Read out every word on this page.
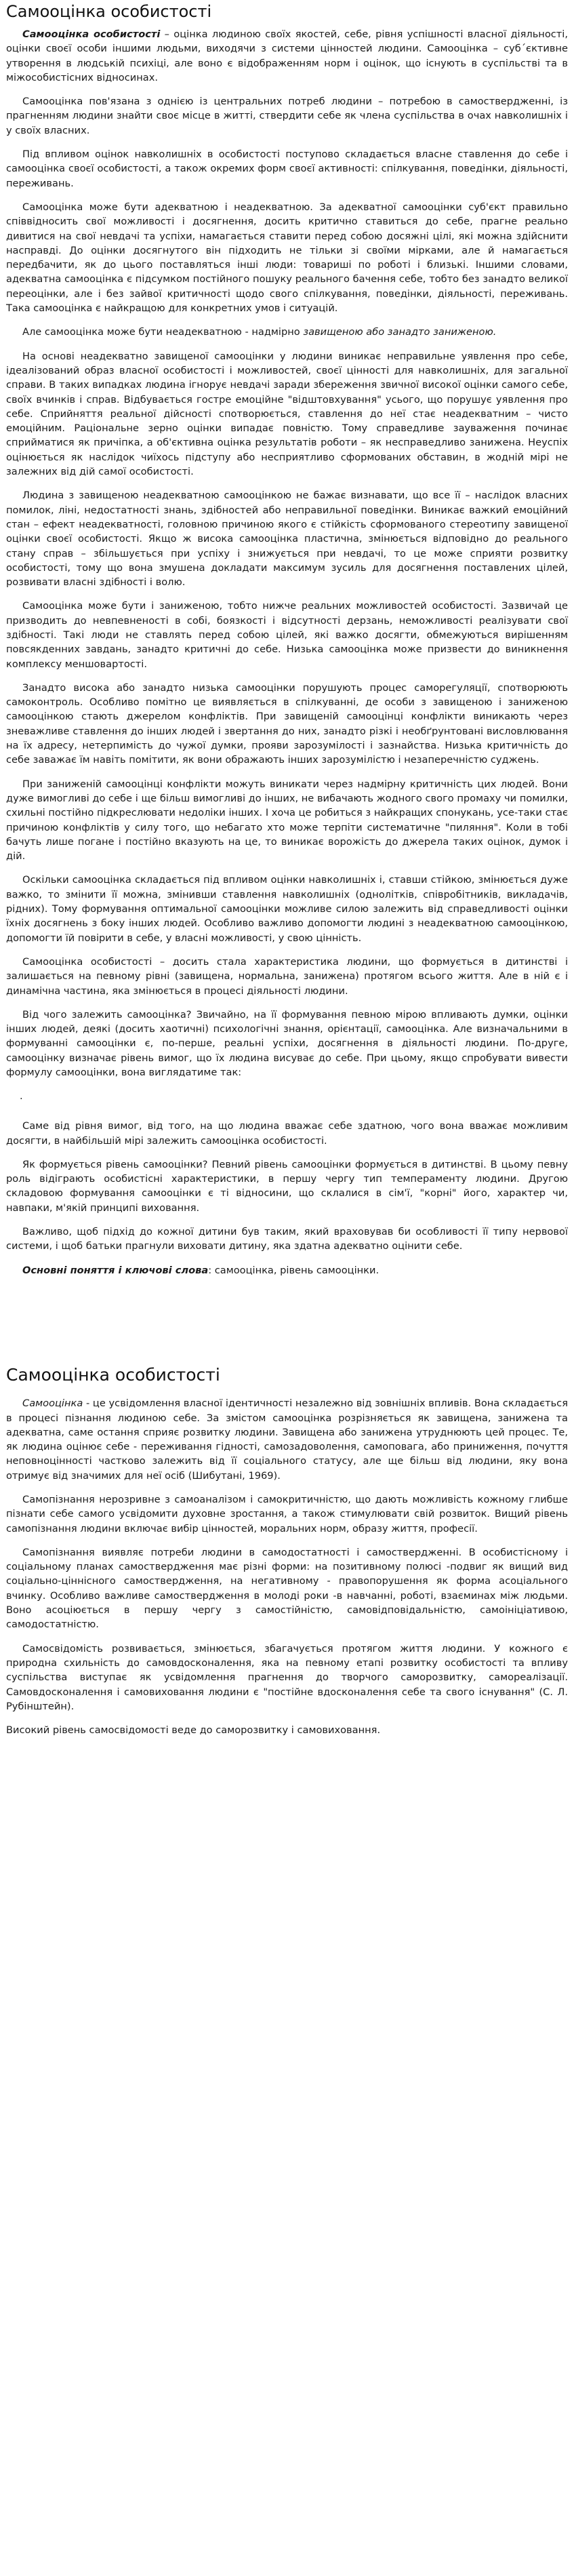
Самооцінка особистості

Самооцінка особистості – оцінка людиною своїх якостей, себе, рівня успішності власної діяльності, оцінки своєї особи іншими людьми, виходячи з системи цінностей людини. Самооцінка – суб´єктивне утворення в людській психіці, але воно є відображенням норм і оцінок, що існують в суспільстві та в міжособистісних відносинах.

Самооцінка пов'язана з однією із центральних потреб людини – потребою в самоствердженні, із прагненням людини знайти своє місце в житті, ствердити себе як члена суспільства в очах навколишніх і у своїх власних.

Під впливом оцінок навколишніх в особистості поступово складається власне ставлення до себе і самооцінка своєї особистості, а також окремих форм своєї активності: спілкування, поведінки, діяльності, переживань.

Самооцінка може бути адекватною і неадекватною. За адекватної самооцінки суб'єкт правильно співвідносить свої можливості і досягнення, досить критично ставиться до себе, прагне реально дивитися на свої невдачі та успіхи, намагається ставити перед собою досяжні цілі, які можна здійснити насправді. До оцінки досягнутого він підходить не тільки зі своїми мірками, але й намагається передбачити, як до цього поставляться інші люди: товариші по роботі і близькі. Іншими словами, адекватна самооцінка є підсумком постійного пошуку реального бачення себе, тобто без занадто великої переоцінки, але і без зайвої критичності щодо свого спілкування, поведінки, діяльності, переживань. Така самооцінка є найкращою для конкретних умов і ситуацій.

Але самооцінка може бути неадекватною - надмірно завищеною або занадто заниженою.

На основі неадекватно завищеної самооцінки у людини виникає неправильне уявлення про себе, ідеалізований образ власної особистості і можливостей, своєї цінності для навколишніх, для загальної справи. В таких випадках людина ігнорує невдачі заради збереження звичної високої оцінки самого себе, своїх вчинків і справ. Відбувається гостре емоційне "відштовхування" усього, що порушує уявлення про себе. Сприйняття реальної дійсності спотворюється, ставлення до неї стає неадекватним – чисто емоційним. Раціональне зерно оцінки випадає повністю. Тому справедливе зауваження починає сприйматися як причіпка, а об'єктивна оцінка результатів роботи – як несправедливо занижена. Неуспіх оцінюється як наслідок чиїхось підступу або несприятливо сформованих обставин, в жодній мірі не залежних від дій самої особистості.

Людина з завищеною неадекватною самооцінкою не бажає визнавати, що все її – наслідок власних помилок, ліні, недостатності знань, здібностей або неправильної поведінки. Виникає важкий емоційний стан – ефект неадекватності, головною причиною якого є стійкість сформованого стереотипу завищеної оцінки своєї особистості. Якщо ж висока самооцінка пластична, змінюється відповідно до реального стану справ – збільшується при успіху і знижується при невдачі, то це може сприяти розвитку особистості, тому що вона змушена докладати максимум зусиль для досягнення поставлених цілей, розвивати власні здібності і волю.

Самооцінка може бути і заниженою, тобто нижче реальних можливостей особистості. Зазвичай це призводить до невпевненості в собі, боязкості і відсутності дерзань, неможливості реалізувати свої здібності. Такі люди не ставлять перед собою цілей, які важко досягти, обмежуються вирішенням повсякденних завдань, занадто критичні до себе. Низька самооцінка може призвести до виникнення комплексу меншовартості.

Занадто висока або занадто низька самооцінки порушують процес саморегуляції, спотворюють самоконтроль. Особливо помітно це виявляється в спілкуванні, де особи з завищеною і заниженою самооцінкою стають джерелом конфліктів. При завищеній самооцінці конфлікти виникають через зневажливе ставлення до інших людей і звертання до них, занадто різкі і необґрунтовані висловлювання на їх адресу, нетерпимість до чужої думки, прояви зарозумілості і зазнайства. Низька критичність до себе заважає їм навіть помітити, як вони ображають інших зарозумілістю і незаперечністю суджень.

При заниженій самооцінці конфлікти можуть виникати через надмірну критичність цих людей. Вони дуже вимогливі до себе і ще більш вимогливі до інших, не вибачають жодного свого промаху чи помилки, схильні постійно підкреслювати недоліки інших. І хоча це робиться з найкращих спонукань, усе-таки стає причиною конфліктів у силу того, що небагато хто може терпіти систематичне "пиляння". Коли в тобі бачуть лише погане і постійно вказують на це, то виникає ворожість до джерела таких оцінок, думок і дій.

Оскільки самооцінка складається під впливом оцінки навколишніх і, ставши стійкою, змінюється дуже важко, то змінити її можна, змінивши ставлення навколишніх (однолітків, співробітників, викладачів, рідних). Тому формування оптимальної самооцінки можливе силою залежить від справедливості оцінки їхніх досягнень з боку інших людей. Особливо важливо допомогти людині з неадекватною самооцінкою, допомогти їй повірити в себе, у власні можливості, у свою цінність.

Самооцінка особистості – досить стала характеристика людини, що формується в дитинстві і залишається на певному рівні (завищена, нормальна, занижена) протягом всього життя. Але в ній є і динамічна частина, яка змінюється в процесі діяльності людини.

Від чого залежить самооцінка? Звичайно, на її формування певною мірою впливають думки, оцінки інших людей, деякі (досить хаотичні) психологічні знання, орієнтації, самооцінка. Але визначальними в формуванні самооцінки є, по-перше, реальні успіхи, досягнення в діяльності людини. По-друге, самооцінку визначає рівень вимог, що їх людина висуває до себе. При цьому, якщо спробувати вивести формулу самооцінки, вона виглядатиме так:

.

Саме від рівня вимог, від того, на що людина вважає себе здатною, чого вона вважає можливим досягти, в найбільшій мірі залежить самооцінка особистості.

Як формується рівень самооцінки? Певний рівень самооцінки формується в дитинстві. В цьому певну роль відіграють особистісні характеристики, в першу чергу тип темпераменту людини. Другою складовою формування самооцінки є ті відносини, що склалися в сім'ї, "корні" його, характер чи, навпаки, м'якій принципі виховання.

Важливо, щоб підхід до кожної дитини був таким, який враховував би особливості її типу нервової системи, і щоб батьки прагнули виховати дитину, яка здатна адекватно оцінити себе.

Основні поняття і ключові слова: самооцінка, рівень самооцінки.

Самооцінка особистості

Самооцінка - це усвідомлення власної ідентичності незалежно від зовнішніх впливів. Вона складається в процесі пізнання людиною себе. За змістом самооцінка розрізняється як завищена, занижена та адекватна, саме остання сприяє розвитку людини. Завищена або занижена утруднюють цей процес. Те, як людина оцінює себе - переживання гідності, самозадоволення, самоповага, або приниження, почуття неповноцінності частково залежить від її соціального статусу, але ще більш від людини, яку вона отримує від значимих для неї осіб (Шибутані, 1969).

Самопізнання нерозривне з самоаналізом і самокритичністю, що дають можливість кожному глибше пізнати себе самого усвідомити духовне зростання, а також стимулювати свій розвиток. Вищий рівень самопізнання людини включає вибір цінностей, моральних норм, образу життя, професії.

Самопізнання виявляє потреби людини в самодостатності і самоствердженні. В особистісному і соціальному планах самоствердження має різні форми: на позитивному полюсі -подвиг як вищий вид соціально-ціннісного самоствердження, на негативному - правопорушення як форма асоціального вчинку. Особливо важливе самоствердження в молоді роки -в навчанні, роботі, взаєминах між людьми. Воно асоціюється в першу чергу з самостійністю, самовідповідальністю, самоініціативою, самодостатністю.

Самосвідомість розвивається, змінюється, збагачується протягом життя людини. У кожного є природна схильність до самовдосконалення, яка на певному етапі розвитку особистості та впливу суспільства виступає як усвідомлення прагнення до творчого саморозвитку, самореалізації. Самовдосконалення і самовиховання людини є "постійне вдосконалення себе та свого існування" (С. Л. Рубінштейн).

Високий рівень самосвідомості веде до саморозвитку і самовиховання.
